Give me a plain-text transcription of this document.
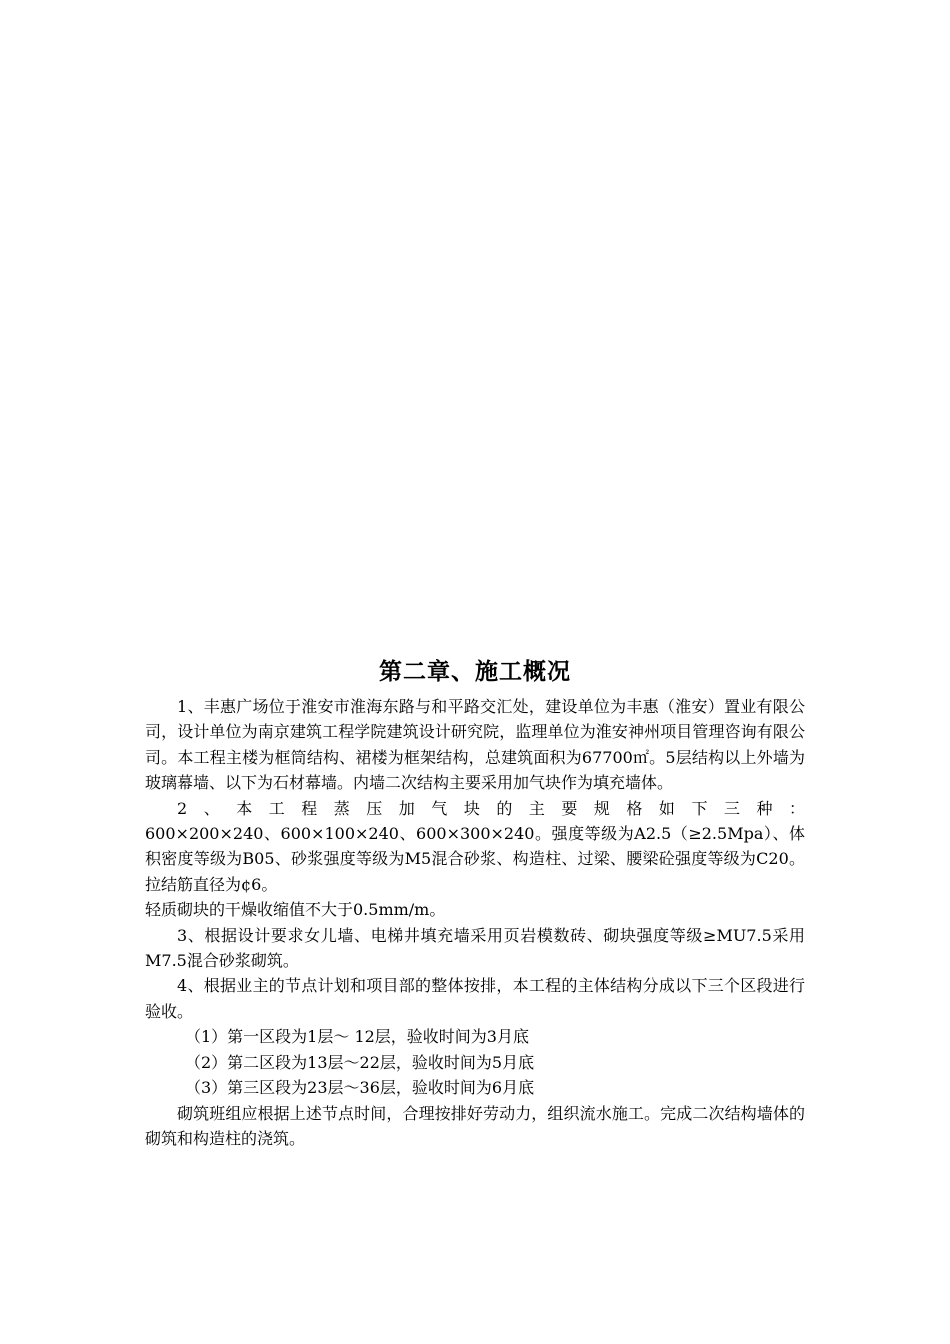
第二章、施工概况

1、丰惠广场位于淮安市淮海东路与和平路交汇处，建设单位为丰惠（淮安）置业有限公司，设计单位为南京建筑工程学院建筑设计研究院，监理单位为淮安神州项目管理咨询有限公司。本工程主楼为框筒结构、裙楼为框架结构，总建筑面积为67700㎡。5层结构以上外墙为玻璃幕墙、以下为石材幕墙。内墙二次结构主要采用加气块作为填充墙体。

2、本工程蒸压加气块的主要规格如下三种：

600×200×240、600×100×240、600×300×240。强度等级为A2.5（≥2.5Mpa）、体积密度等级为B05、砂浆强度等级为M5混合砂浆、构造柱、过梁、腰梁砼强度等级为C20。拉结筋直径为¢6。

轻质砌块的干燥收缩值不大于0.5mm/m。

3、根据设计要求女儿墙、电梯井填充墙采用页岩模数砖、砌块强度等级≥MU7.5采用M7.5混合砂浆砌筑。

4、根据业主的节点计划和项目部的整体按排，本工程的主体结构分成以下三个区段进行验收。

（1）第一区段为1层～ 12层，验收时间为3月底

（2）第二区段为13层～22层，验收时间为5月底

（3）第三区段为23层～36层，验收时间为6月底

砌筑班组应根据上述节点时间，合理按排好劳动力，组织流水施工。完成二次结构墙体的砌筑和构造柱的浇筑。
